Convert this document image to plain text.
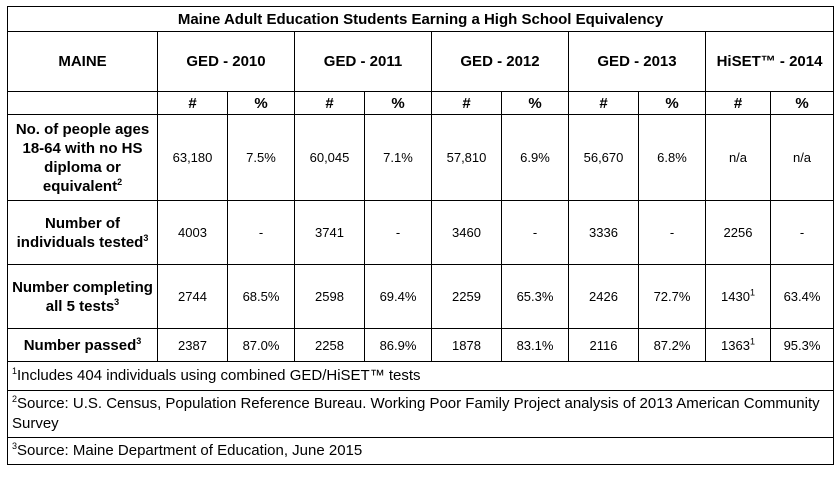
Maine Adult Education Students Earning a High School Equivalency										
MAINE	GED - 2010		GED - 2011		GED - 2012		GED - 2013		HiSET™ - 2014	
	#	%	#	%	#	%	#	%	#	%
No. of people ages 18-64 with no HS diploma or equivalent$^2$	63,180	7.5%	60,045	7.1%	57,810	6.9%	56,670	6.8%	n/a	n/a
Number of individuals tested$^3$	4003	-	3741	-	3460	-	3336	-	2256	-
Number completing all 5 tests$^3$	2744	68.5%	2598	69.4%	2259	65.3%	2426	72.7%	1430$^1$	63.4%
Number passed$^3$	2387	87.0%	2258	86.9%	1878	83.1%	2116	87.2%	1363$^1$	95.3%
$^1$Includes 404 individuals using combined GED/HiSET™ tests										
$^2$Source: U.S. Census, Population Reference Bureau. Working Poor Family Project analysis of 2013 American Community Survey										
$^3$Source: Maine Department of Education, June 2015										
